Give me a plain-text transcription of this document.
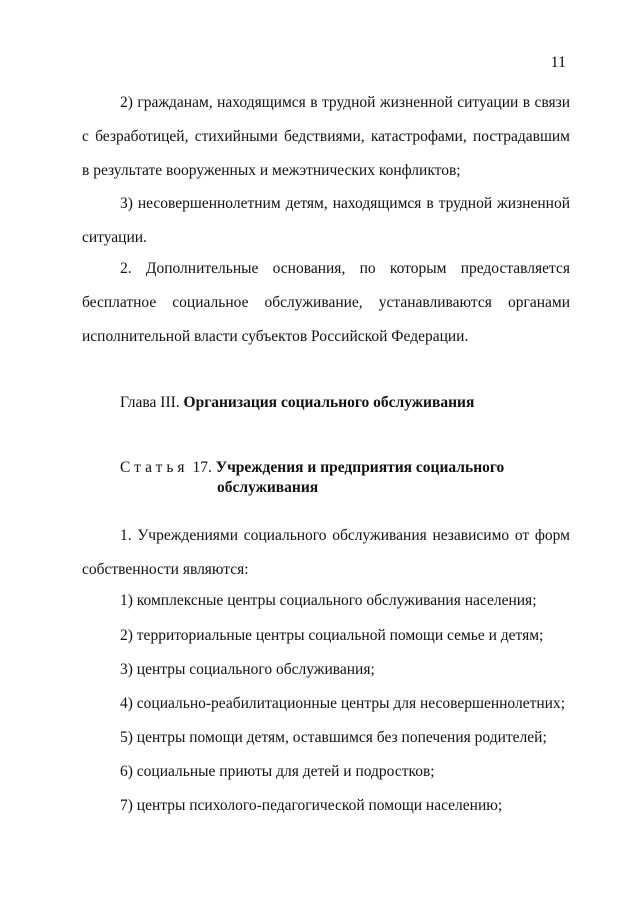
11
2) гражданам, находящимся в трудной жизненной ситуации в связи
с безработицей, стихийными бедствиями, катастрофами, пострадавшим
в результате вооруженных и межэтнических конфликтов;
3) несовершеннолетним детям, находящимся в трудной жизненной
ситуации.
2. Дополнительные основания, по которым предоставляется
бесплатное социальное обслуживание, устанавливаются органами
исполнительной власти субъектов Российской Федерации.

Глава III. Организация социального обслуживания

Статья 17. Учреждения и предприятия социального

обслуживания

1. Учреждениями социального обслуживания независимо от форм
собственности являются:

1) комплексные центры социального обслуживания населения;

2) территориальные центры социальной помощи семье и детям;

3) центры социального обслуживания;

4) социально-реабилитационные центры для несовершеннолетних;

5) центры помощи детям, оставшимся без попечения родителей;

6) социальные приюты для детей и подростков;

7) центры психолого-педагогической помощи населению;
